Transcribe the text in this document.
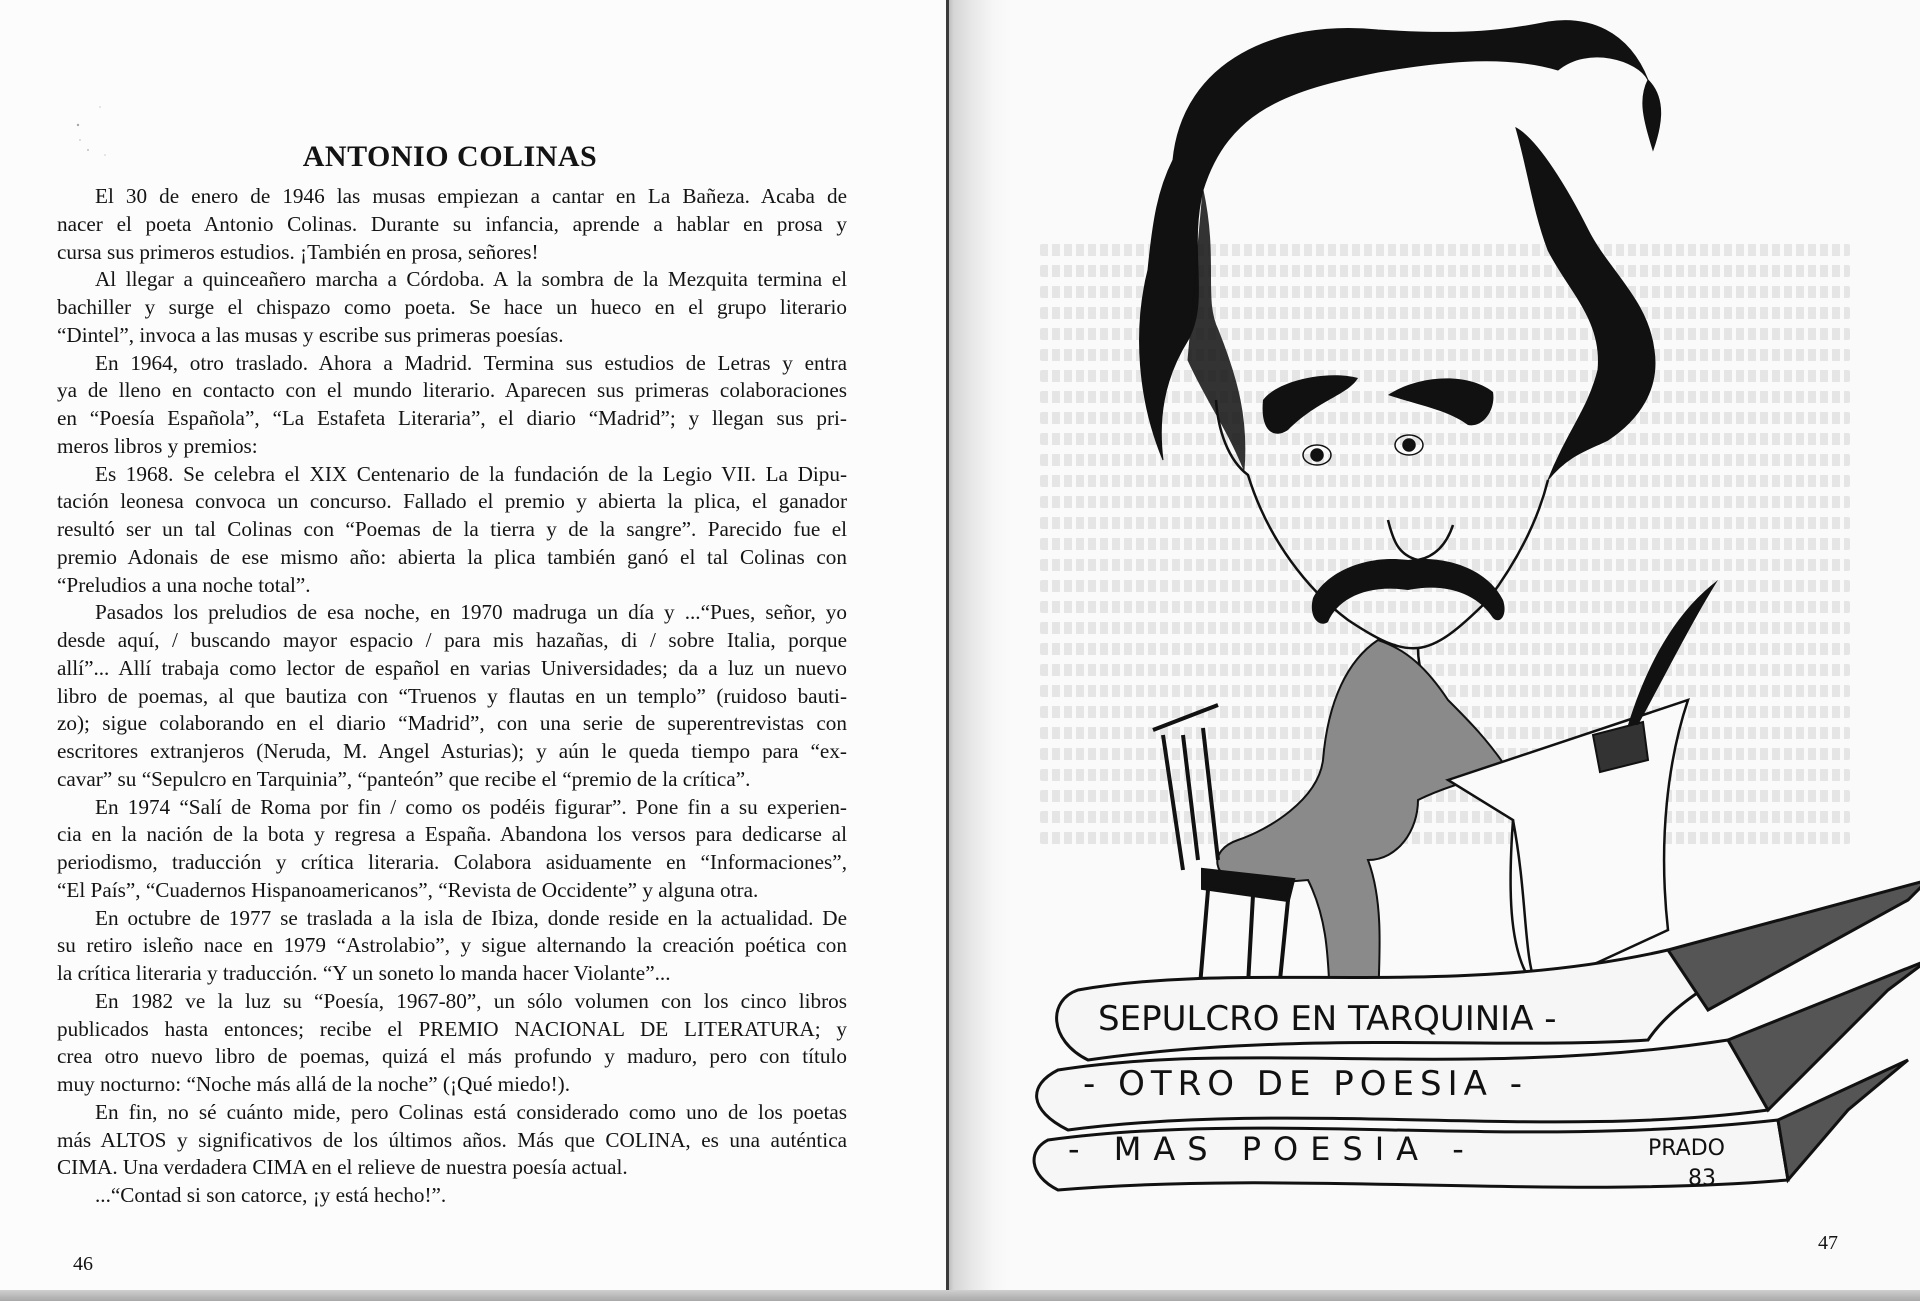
ANTONIO COLINAS
El 30 de enero de 1946 las musas empiezan a cantar en La Bañeza. Acaba de
nacer el poeta Antonio Colinas. Durante su infancia, aprende a hablar en prosa y
cursa sus primeros estudios. ¡También en prosa, señores!
Al llegar a quinceañero marcha a Córdoba. A la sombra de la Mezquita termina el
bachiller y surge el chispazo como poeta. Se hace un hueco en el grupo literario
“Dintel”, invoca a las musas y escribe sus primeras poesías.
En 1964, otro traslado. Ahora a Madrid. Termina sus estudios de Letras y entra
ya de lleno en contacto con el mundo literario. Aparecen sus primeras colaboraciones
en “Poesía Española”, “La Estafeta Literaria”, el diario “Madrid”; y llegan sus pri-
meros libros y premios:
Es 1968. Se celebra el XIX Centenario de la fundación de la Legio VII. La Dipu-
tación leonesa convoca un concurso. Fallado el premio y abierta la plica, el ganador
resultó ser un tal Colinas con “Poemas de la tierra y de la sangre”. Parecido fue el
premio Adonais de ese mismo año: abierta la plica también ganó el tal Colinas con
“Preludios a una noche total”.
Pasados los preludios de esa noche, en 1970 madruga un día y ...“Pues, señor, yo
desde aquí, / buscando mayor espacio / para mis hazañas, di / sobre Italia, porque
allí”... Allí trabaja como lector de español en varias Universidades; da a luz un nuevo
libro de poemas, al que bautiza con “Truenos y flautas en un templo” (ruidoso bauti-
zo); sigue colaborando en el diario “Madrid”, con una serie de superentrevistas con
escritores extranjeros (Neruda, M. Angel Asturias); y aún le queda tiempo para “ex-
cavar” su “Sepulcro en Tarquinia”, “panteón” que recibe el “premio de la crítica”.
En 1974 “Salí de Roma por fin / como os podéis figurar”. Pone fin a su experien-
cia en la nación de la bota y regresa a España. Abandona los versos para dedicarse al
periodismo, traducción y crítica literaria. Colabora asiduamente en “Informaciones”,
“El País”, “Cuadernos Hispanoamericanos”, “Revista de Occidente” y alguna otra.
En octubre de 1977 se traslada a la isla de Ibiza, donde reside en la actualidad. De
su retiro isleño nace en 1979 “Astrolabio”, y sigue alternando la creación poética con
la crítica literaria y traducción. “Y un soneto lo manda hacer Violante”...
En 1982 ve la luz su “Poesía, 1967-80”, un sólo volumen con los cinco libros
publicados hasta entonces; recibe el PREMIO NACIONAL DE LITERATURA; y
crea otro nuevo libro de poemas, quizá el más profundo y maduro, pero con título
muy nocturno: “Noche más allá de la noche” (¡Qué miedo!).
En fin, no sé cuánto mide, pero Colinas está considerado como uno de los poetas
más ALTOS y significativos de los últimos años. Más que COLINA, es una auténtica
CIMA. Una verdadera CIMA en el relieve de nuestra poesía actual.
...“Contad si son catorce, ¡y está hecho!”.
46
SEPULCRO EN TARQUINIA -
- OTRO DE POESIA -
- MAS POESIA -	PRADO
83
47
